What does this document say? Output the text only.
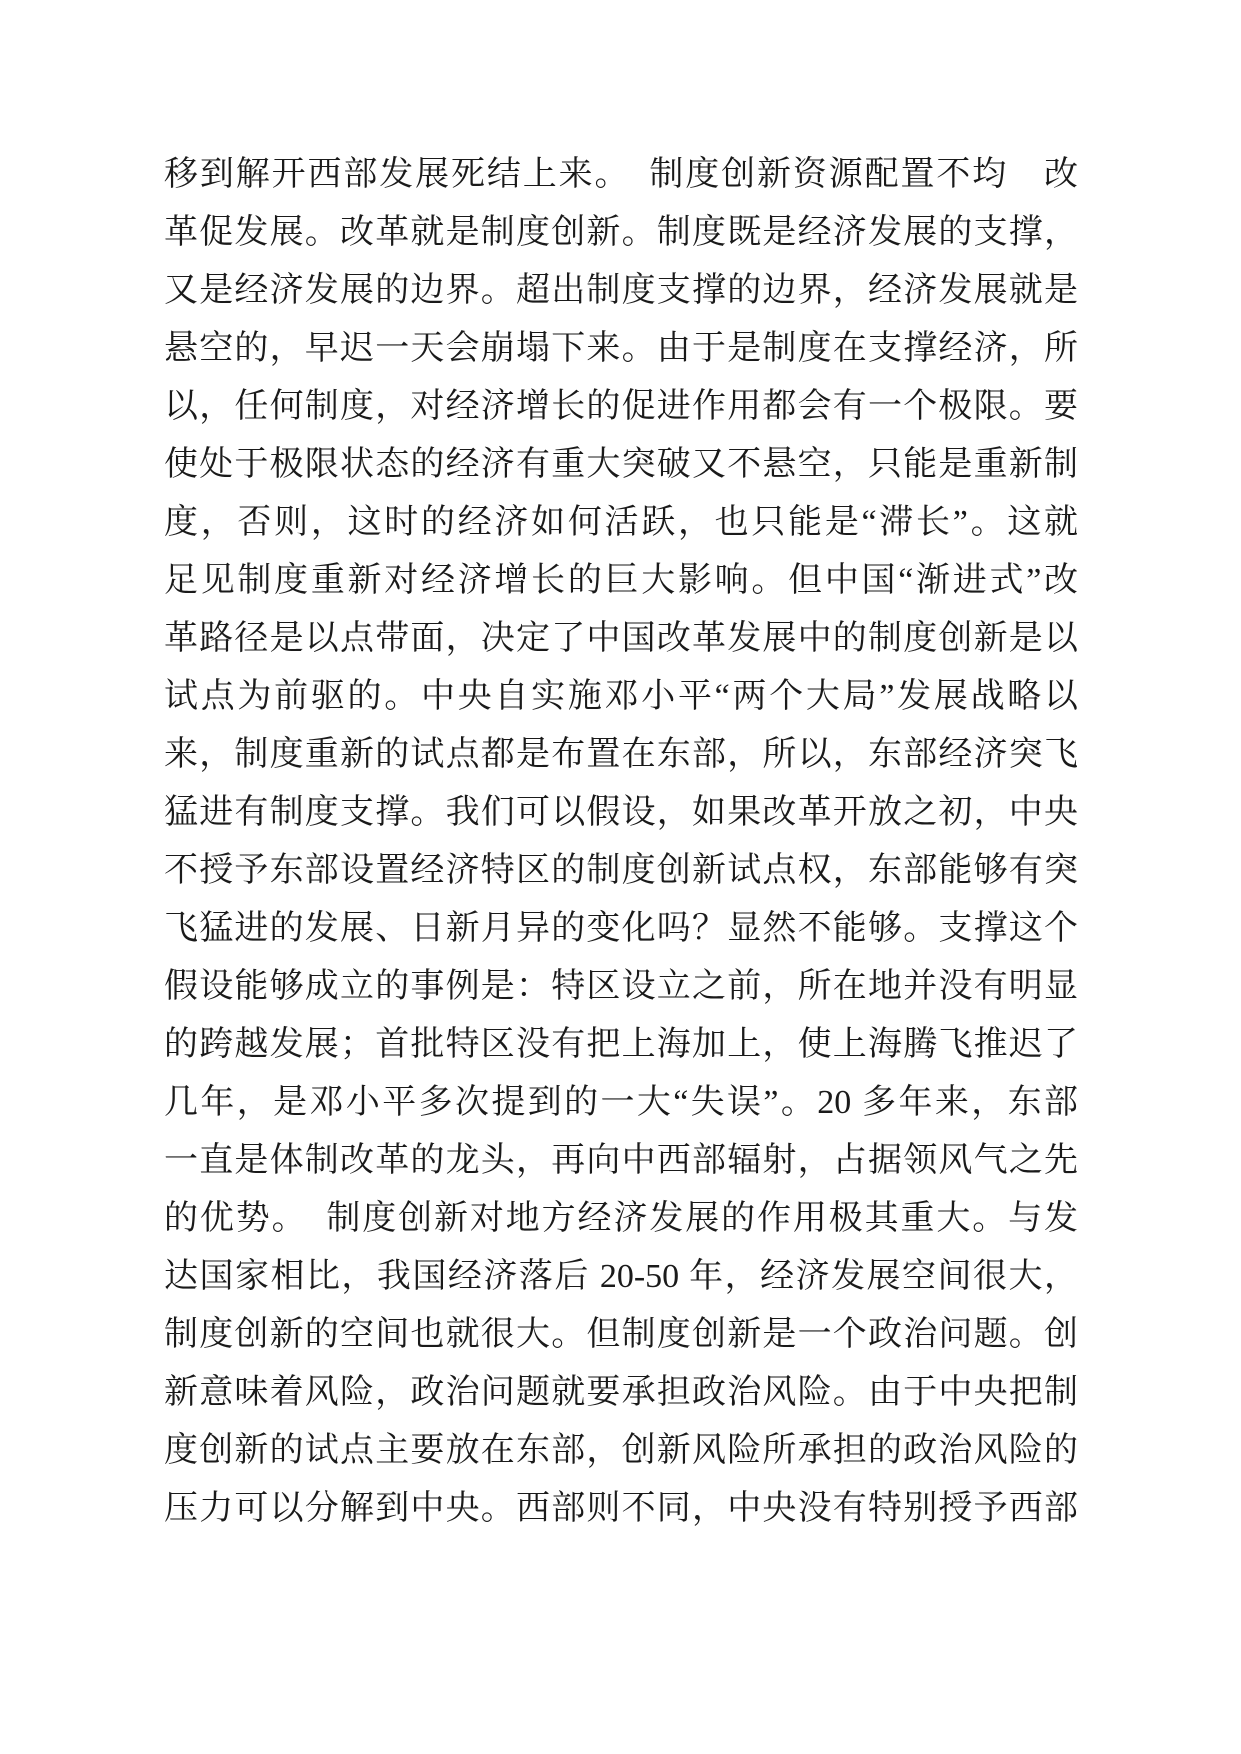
移到解开西部发展死结上来。　制度创新资源配置不均　改
革促发展。改革就是制度创新。制度既是经济发展的支撑，
又是经济发展的边界。超出制度支撑的边界，经济发展就是
悬空的，早迟一天会崩塌下来。由于是制度在支撑经济，所
以，任何制度，对经济增长的促进作用都会有一个极限。要
使处于极限状态的经济有重大突破又不悬空，只能是重新制
度，否则，这时的经济如何活跃，也只能是“滞长”。这就
足见制度重新对经济增长的巨大影响。但中国“渐进式”改
革路径是以点带面，决定了中国改革发展中的制度创新是以
试点为前驱的。中央自实施邓小平“两个大局”发展战略以
来，制度重新的试点都是布置在东部，所以，东部经济突飞
猛进有制度支撑。我们可以假设，如果改革开放之初，中央
不授予东部设置经济特区的制度创新试点权，东部能够有突
飞猛进的发展、日新月异的变化吗？显然不能够。支撑这个
假设能够成立的事例是：特区设立之前，所在地并没有明显
的跨越发展；首批特区没有把上海加上，使上海腾飞推迟了
几年，是邓小平多次提到的一大“失误”。20 多年来，东部
一直是体制改革的龙头，再向中西部辐射，占据领风气之先
的优势。　制度创新对地方经济发展的作用极其重大。与发
达国家相比，我国经济落后 20-50 年，经济发展空间很大，
制度创新的空间也就很大。但制度创新是一个政治问题。创
新意味着风险，政治问题就要承担政治风险。由于中央把制
度创新的试点主要放在东部，创新风险所承担的政治风险的
压力可以分解到中央。西部则不同，中央没有特别授予西部
